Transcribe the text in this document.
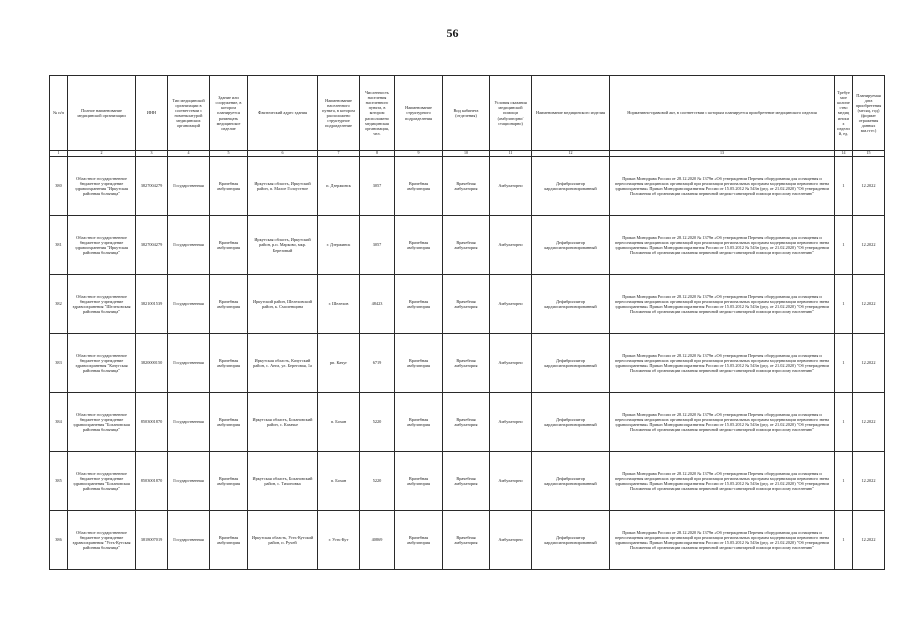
56
№ п/п	Полное наименование медицинской организации	ИНН	Тип медицинской организации в соответствии с номенклатурой медицинских организаций	Здание или сооружение, в котором планируется размещать медицинское изделие	Фактический адрес здания	Наименование населенного пункта, в котором расположено структурное подразделение	Численность населения населенного пункта, в котором расположено медицинская организация, чел.	Наименование структурного подразделения	Вид кабинета (отделения)	Условия оказания медицинской помощи (амбулаторно/стационарно)	Наименование медицинского изделия	Нормативно-правовой акт, в соответствии с которым планируется приобретение медицинского изделия	Требуемое количество медицинских изделий, ед.	Планируемая дата приобретения (месяц, год) (формат отражения данных мм.гггг.)
1	2	3	4	5	6	7	8	9	10	11	12	13	14	15
380	Областное государственное бюджетное учреждение здравоохранения "Иркутская районная больница"	3827004279	Государственная	Врачебная амбулатория	Иркутская область, Иркутский район, п. Малое Голоустное	п. Дзержинск	3057	Врачебная амбулатория	Врачебная амбулатория	Амбулаторно	Дефибриллятор кардиосинхронизированный	Приказ Минздрава России от 28.12.2020 № 1379н «Об утверждении Перечня оборудования для оснащения и переоснащения медицинских организаций при реализации региональных программ модернизации первичного звена здравоохранения» Приказ Минздравсоцразвития России от 15.05.2012 № 543н (ред. от 21.02.2020) "Об утверждении Положения об организации оказания первичной медико-санитарной помощи взрослому населению"	1	12.2022
381	Областное государственное бюджетное учреждение здравоохранения "Иркутская районная больница"	3827004279	Государственная	Врачебная амбулатория	Иркутская область, Иркутский район, р.п. Марково, мкр. Березовый	г. Дзержинск	3057	Врачебная амбулатория	Врачебная амбулатория	Амбулаторно	Дефибриллятор кардиосинхронизированный	Приказ Минздрава России от 28.12.2020 № 1379н «Об утверждении Перечня оборудования для оснащения и переоснащения медицинских организаций при реализации региональных программ модернизации первичного звена здравоохранения» Приказ Минздравсоцразвития России от 15.05.2012 № 543н (ред. от 21.02.2020) "Об утверждении Положения об организации оказания первичной медико-санитарной помощи взрослому населению"	1	12.2022
382	Областное государственное бюджетное учреждение здравоохранения "Шелеховская районная больница"	3821001539	Государственная	Врачебная амбулатория	Иркутский район, Шелеховский район, к. Смоленщина	г. Шелехов	48423	Врачебная амбулатория	Врачебная амбулатория	Амбулаторно	Дефибриллятор кардиосинхронизированный	Приказ Минздрава России от 28.12.2020 № 1379н «Об утверждении Перечня оборудования для оснащения и переоснащения медицинских организаций при реализации региональных программ модернизации первичного звена здравоохранения» Приказ Минздравсоцразвития России от 15.05.2012 № 543н (ред. от 21.02.2020) "Об утверждении Положения об организации оказания первичной медико-санитарной помощи взрослому населению"	1	12.2022
383	Областное государственное бюджетное учреждение здравоохранения "Качугская районная больница"	3820000150	Государственная	Врачебная амбулатория	Иркутская область, Качугский район, с. Анга, ул. Береговая, 1а	рп. Качуг	6719	Врачебная амбулатория	Врачебная амбулатория	Амбулаторно	Дефибриллятор кардиосинхронизированный	Приказ Минздрава России от 28.12.2020 № 1379н «Об утверждении Перечня оборудования для оснащения и переоснащения медицинских организаций при реализации региональных программ модернизации первичного звена здравоохранения» Приказ Минздравсоцразвития России от 15.05.2012 № 543н (ред. от 21.02.2020) "Об утверждении Положения об организации оказания первичной медико-санитарной помощи взрослому населению"	1	12.2022
384	Областное государственное бюджетное учреждение здравоохранения "Бохановская районная больница"	8503001870	Государственная	Врачебная амбулатория	Иркутская область, Бохановский район, с. Казачье	п. Бохан	5220	Врачебная амбулатория	Врачебная амбулатория	Амбулаторно	Дефибриллятор кардиосинхронизированный	Приказ Минздрава России от 28.12.2020 № 1379н «Об утверждении Перечня оборудования для оснащения и переоснащения медицинских организаций при реализации региональных программ модернизации первичного звена здравоохранения» Приказ Минздравсоцразвития России от 15.05.2012 № 543н (ред. от 21.02.2020) "Об утверждении Положения об организации оказания первичной медико-санитарной помощи взрослому населению"	1	12.2022
385	Областное государственное бюджетное учреждение здравоохранения "Бохановская районная больница"	8503001870	Государственная	Врачебная амбулатория	Иркутская область, Бохановский район, с. Тихоновка	п. Бохан	5220	Врачебная амбулатория	Врачебная амбулатория	Амбулаторно	Дефибриллятор кардиосинхронизированный	Приказ Минздрава России от 28.12.2020 № 1379н «Об утверждении Перечня оборудования для оснащения и переоснащения медицинских организаций при реализации региональных программ модернизации первичного звена здравоохранения» Приказ Минздравсоцразвития России от 15.05.2012 № 543н (ред. от 21.02.2020) "Об утверждении Положения об организации оказания первичной медико-санитарной помощи взрослому населению"	1	12.2022
386	Областное государственное бюджетное учреждение здравоохранения "Усть-Кутская районная больница"	3818007019	Государственная	Врачебная амбулатория	Иркутская область, Усть-Кутский район, п. Ручей	г. Усть-Кут	40869	Врачебная амбулатория	Врачебная амбулатория	Амбулаторно	Дефибриллятор кардиосинхронизированный	Приказ Минздрава России от 28.12.2020 № 1379н «Об утверждении Перечня оборудования для оснащения и переоснащения медицинских организаций при реализации региональных программ модернизации первичного звена здравоохранения» Приказ Минздравсоцразвития России от 15.05.2012 № 543н (ред. от 21.02.2020) "Об утверждении Положения об организации оказания первичной медико-санитарной помощи взрослому населению"	1	12.2022
